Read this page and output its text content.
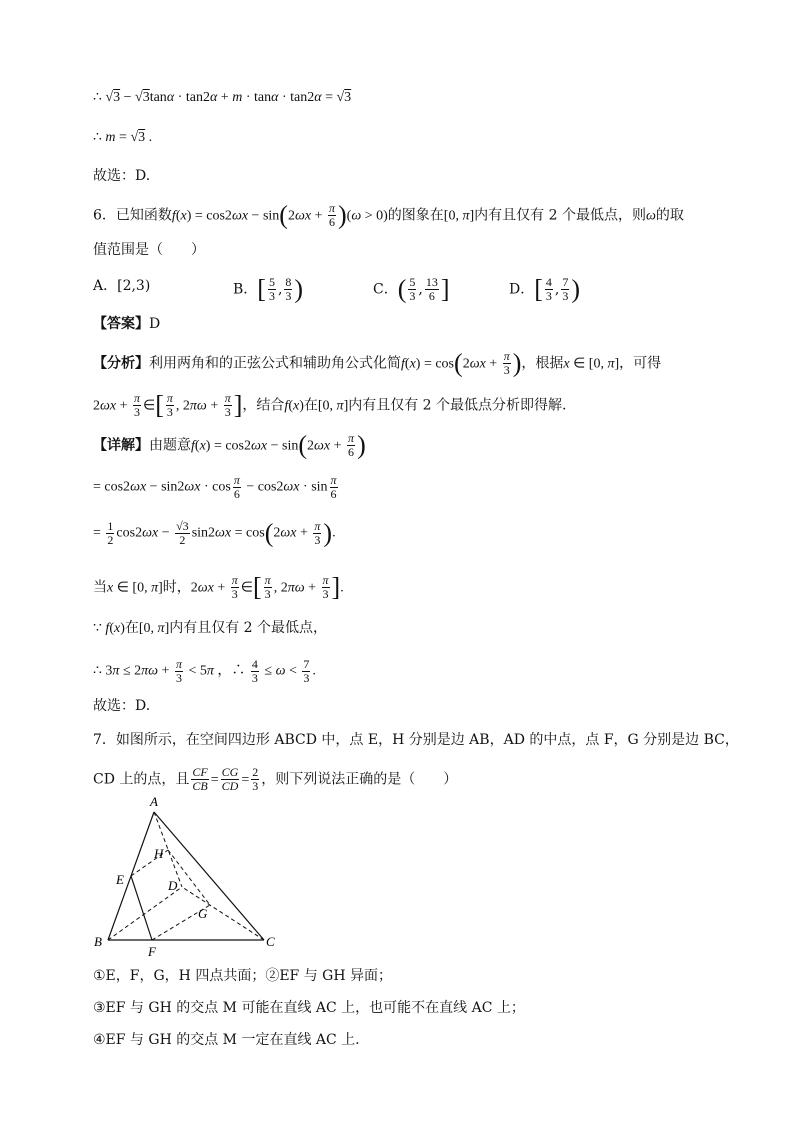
∴ √3 − √3tanα · tan2α + m · tanα · tan2α = √3
∴ m = √3 .
故选：D.
6．已知函数$f(x) = \cos 2\omega x - \sin(2\omega x + \frac{\pi}{6} )(\omega > 0)$的图象在[0, π]内有且仅有 2 个最低点，则ω的取
值范围是（　　）
A．[2,3)	B．[ $\frac{5}{3}$ , $\frac{8}{3}$ )	C．( $\frac{5}{3}$ , $\frac{13}{6}$ ]	D．[ $\frac{4}{3}$ , $\frac{7}{3}$ )
【答案】D
【分析】利用两角和的正弦公式和辅助角公式化简$f(x) = \cos(2\omega x + \frac{\pi}{3}$ )，根据x ∈ [0, π]，可得
$2\omega x + \frac{\pi}{3}$ ∈[ $\frac{\pi}{3}$ , $2\pi\omega + \frac{\pi}{3}$ ]，结合f(x)在[0, π]内有且仅有 2 个最低点分析即得解.
【详解】由题意$f(x) = \cos 2\omega x - \sin(2\omega x + \frac{\pi}{6}$ )
= $\cos 2\omega x - \sin 2\omega x \cdot \cos \frac{\pi}{6} - \cos 2\omega x \cdot \sin \frac{\pi}{6}$
= $\frac{1}{2} \cos 2\omega x - \frac{√3}{2} \sin 2\omega x = \cos(2\omega x + \frac{\pi}{3}$ ).
当x ∈ [0, π]时，$2\omega x + \frac{\pi}{3}$ ∈[ $\frac{\pi}{3}$ , $2\pi\omega + \frac{\pi}{3}$ ].
∵ f(x)在[0, π]内有且仅有 2 个最低点，
∴ $3\pi \le 2\pi\omega + \frac{\pi}{3} < 5\pi$ ，∴ $\frac{4}{3} \le \omega < \frac{7}{3}$ .
故选：D.
7．如图所示，在空间四边形 ABCD 中，点 E，H 分别是边 AB，AD 的中点，点 F，G 分别是边 BC，
CD 上的点，且 $\frac{CF}{CB} = \frac{CG}{CD} = \frac{2}{3}$ ，则下列说法正确的是（　　）
A
B	C
D
E
F
G
H
①E，F，G，H 四点共面；②EF 与 GH 异面；
③EF 与 GH 的交点 M 可能在直线 AC 上，也可能不在直线 AC 上；
④EF 与 GH 的交点 M 一定在直线 AC 上.
